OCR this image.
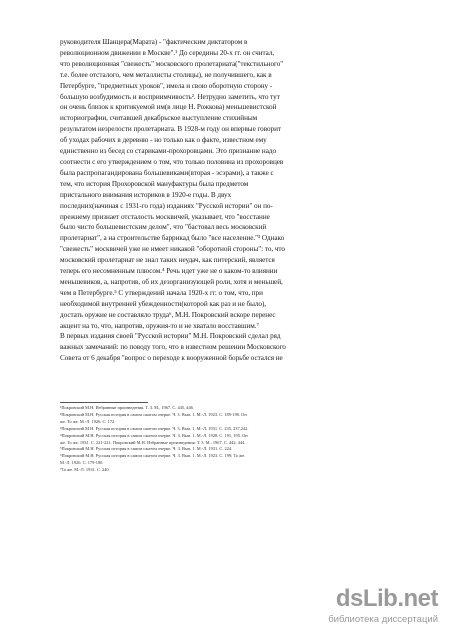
руководителя Шанцера(Марата) - "фактическим диктатором в
революционном движении в Москве".¹ До середины 20-х гг. он считал,
что революционная "свежесть" московского пролетариата("текстильного"
т.е. более отсталого, чем металлисты столицы), не получившего, как в
Петербурге, "предметных уроков", имела и свою оборотную сторону -
большую возбудимость и восприимчивость². Нетрудно заметить, что тут
он очень близок к критикуемой им(в лице Н. Рожкова) меньшевистской
историографии, считавшей декабрьское выступление стихийным
результатом незрелости пролетариата. В 1928-м году он впервые говорит
об уходах рабочих в деревню - но только как о факте, известном ему
единственно из бесед со стариками-прохоровцами. Это признание надо
соотнести с его утверждением о том, что только половина из прохоровцев
была распропагандирована большевиками(вторая - эсэрами), а также с
тем, что история Прохоровской мануфактуры была предметом
пристального внимания историков в 1920-е годы. В двух
последних(начиная с 1931-го года) изданиях "Русской истории" он по-
прежнему признает отсталость москвичей, указывает, что "восстание
было чисто большевистским делом", что "бастовал весь московский
пролетариат", а на строительстве баррикад было "все население."³ Однако
"свежесть" москвичей уже не имеет никакой "оборотной стороны": то, что
московский пролетариат не знал таких неудач, как питерский, является
теперь его несомненным плюсом.⁴ Речь идет уже не о каком-то влиянии
меньшевиков, а, напротив, об их дезорганизующей роли, хотя и меньшей,
чем в Петербурге.⁵ С утверждений начала 1920-х гг. о том, что, при
необходимой внутренней убежденности(которой как раз и не было),
достать оружие не составляло труда⁶, М.Н. Покровский вскоре перенес
акцент на то, что, напротив, оружия-то и не хватало восставшим.⁷
В первых издания своей "Русской истории" М.Н. Покровский сделал ряд
важных замечаний: по поводу того, что в известном решении Московского
Совета от 6 декабря "вопрос о переходе к вооруженной борьбе остался не
¹Покровский М.Н. Избранные произведения. Т. 3. М., 1967. С. 445, 446.
²Покровский М.Н. Русская история в самом сжатом очерке. Ч. 3. Вып. 1. М.-Л. 1923. С. 189-190. Он
же. То же. М.-Л. 1926. С. 172.
³Покровский М.Н. Русская история в самом сжатом очерке. Ч. 3. Вып. 1. М.-Л. 1931. С. 235, 237,242.
⁴Покровский М.Н. Русская история в самом сжатом очерке. Ч. 3. Вып. 1. М.-Л. 1928. С. 191, 195. Он
же. То же. 1931. С. 221-221. Покровский М.Н. Избранные произведения. Т. 3. М., 1967. С. 442, 444.
⁵Покровский М.Н. Русская история в самом сжатом очерке. Ч. 3. Вып. 1. М.-Л. 1931. С. 224.
⁶Покровский М.Н. Русская история в самом сжатом очерке. Ч. 3. Вып. 1. М.-Л. 1923. С. 199; То же.
М.-Л. 1926. С. 179-180.
⁷То же. М.-Л. 1931. С. 240.
dsLib.net
библиотека диссертаций
